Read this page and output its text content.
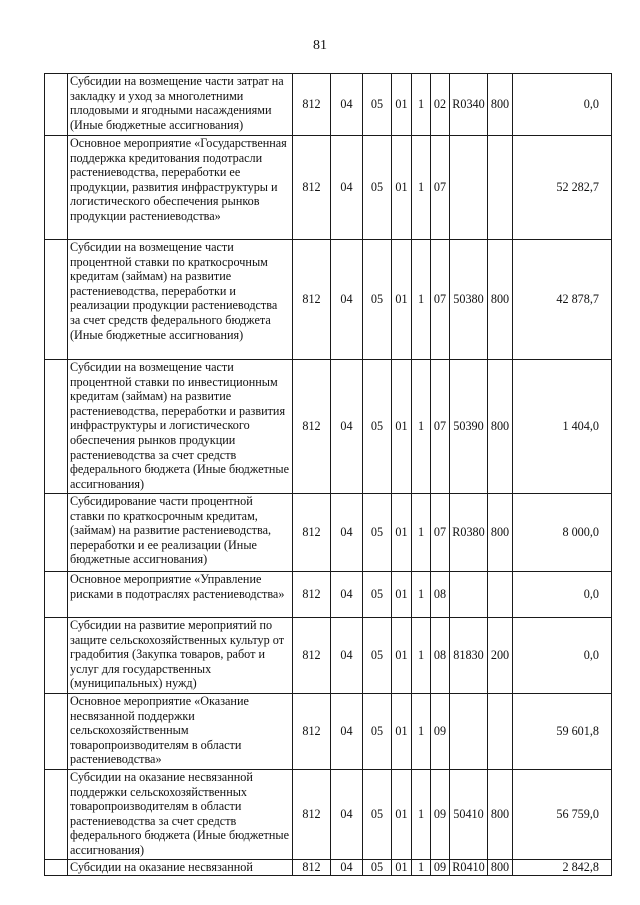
81
	Субсидии на возмещение части затрат на закладку и уход за многолетними плодовыми и ягодными насаждениями (Иные бюджетные ассигнования)	812	04	05	01	1	02	R0340	800	0,0
	Основное мероприятие «Государственная поддержка кредитования подотрасли растениеводства, переработки ее продукции, развития инфраструктуры и логистического обеспечения рынков продукции растениеводства»	812	04	05	01	1	07			52 282,7
	Субсидии на возмещение части процентной ставки по краткосрочным кредитам (займам) на развитие растениеводства, переработки и реализации продукции растениеводства за счет средств федерального бюджета (Иные бюджетные ассигнования)	812	04	05	01	1	07	50380	800	42 878,7
	Субсидии на возмещение части процентной ставки по инвестиционным кредитам (займам) на развитие растениеводства, переработки и развития инфраструктуры и логистического обеспечения рынков продукции растениеводства за счет средств федерального бюджета (Иные бюджетные ассигнования)	812	04	05	01	1	07	50390	800	1 404,0
	Субсидирование части процентной ставки по краткосрочным кредитам, (займам) на развитие растениеводства, переработки и ее реализации (Иные бюджетные ассигнования)	812	04	05	01	1	07	R0380	800	8 000,0
	Основное мероприятие «Управление рисками в подотраслях растениеводства»	812	04	05	01	1	08			0,0
	Субсидии на развитие мероприятий по защите сельскохозяйственных культур от градобития (Закупка товаров, работ и услуг для государственных (муниципальных) нужд)	812	04	05	01	1	08	81830	200	0,0
	Основное мероприятие «Оказание несвязанной поддержки сельскохозяйственным товаропроизводителям в области растениеводства»	812	04	05	01	1	09			59 601,8
	Субсидии на оказание несвязанной поддержки сельскохозяйственных товаропроизводителям в области растениеводства за счет средств федерального бюджета (Иные бюджетные ассигнования)	812	04	05	01	1	09	50410	800	56 759,0
	Субсидии на оказание несвязанной	812	04	05	01	1	09	R0410	800	2 842,8
